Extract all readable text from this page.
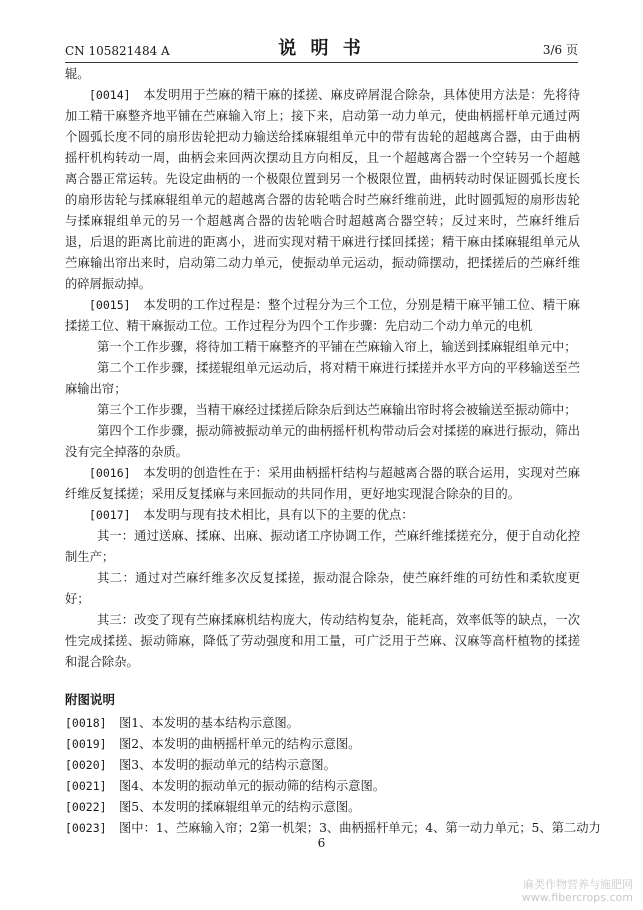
CN 105821484 A	说 明 书	3/6 页
辊。
[0014] 本发明用于苎麻的精干麻的揉搓、麻皮碎屑混合除杂，具体使用方法是：先将待加工精干麻整齐地平铺在苎麻输入帘上；接下来，启动第一动力单元，使曲柄摇杆单元通过两个圆弧长度不同的扇形齿轮把动力输送给揉麻辊组单元中的带有齿轮的超越离合器，由于曲柄摇杆机构转动一周，曲柄会来回两次摆动且方向相反，且一个超越离合器一个空转另一个超越离合器正常运转。先设定曲柄的一个极限位置到另一个极限位置，曲柄转动时保证圆弧长度长的扇形齿轮与揉麻辊组单元的超越离合器的齿轮啮合时苎麻纤维前进，此时圆弧短的扇形齿轮与揉麻辊组单元的另一个超越离合器的齿轮啮合时超越离合器空转；反过来时，苎麻纤维后退，后退的距离比前进的距离小，进而实现对精干麻进行揉回揉搓；精干麻由揉麻辊组单元从苎麻输出帘出来时，启动第二动力单元，使振动单元运动，振动筛摆动，把揉搓后的苎麻纤维的碎屑振动掉。
[0015] 本发明的工作过程是：整个过程分为三个工位，分别是精干麻平铺工位、精干麻揉搓工位、精干麻振动工位。工作过程分为四个工作步骤：先启动二个动力单元的电机
第一个工作步骤，将待加工精干麻整齐的平铺在苎麻输入帘上，输送到揉麻辊组单元中；
第二个工作步骤，揉搓辊组单元运动后，将对精干麻进行揉搓并水平方向的平移输送至苎麻输出帘；
第三个工作步骤，当精干麻经过揉搓后除杂后到达苎麻输出帘时将会被输送至振动筛中；
第四个工作步骤，振动筛被振动单元的曲柄摇杆机构带动后会对揉搓的麻进行振动，筛出没有完全掉落的杂质。
[0016] 本发明的创造性在于：采用曲柄摇杆结构与超越离合器的联合运用，实现对苎麻纤维反复揉搓；采用反复揉麻与来回振动的共同作用，更好地实现混合除杂的目的。
[0017] 本发明与现有技术相比，具有以下的主要的优点：
其一：通过送麻、揉麻、出麻、振动诸工序协调工作，苎麻纤维揉搓充分，便于自动化控制生产；
其二：通过对苎麻纤维多次反复揉搓，振动混合除杂，使苎麻纤维的可纺性和柔软度更好；
其三：改变了现有苎麻揉麻机结构庞大，传动结构复杂，能耗高，效率低等的缺点，一次性完成揉搓、振动筛麻，降低了劳动强度和用工量，可广泛用于苎麻、汉麻等高杆植物的揉搓和混合除杂。
附图说明
[0018] 图1、本发明的基本结构示意图。
[0019] 图2、本发明的曲柄摇杆单元的结构示意图。
[0020] 图3、本发明的振动单元的结构示意图。
[0021] 图4、本发明的振动单元的振动筛的结构示意图。
[0022] 图5、本发明的揉麻辊组单元的结构示意图。
[0023] 图中：1、苎麻输入帘；2第一机架；3、曲柄摇杆单元；4、第一动力单元；5、第二动力
6
麻类作物营养与施肥网
www.fibercrops.com
